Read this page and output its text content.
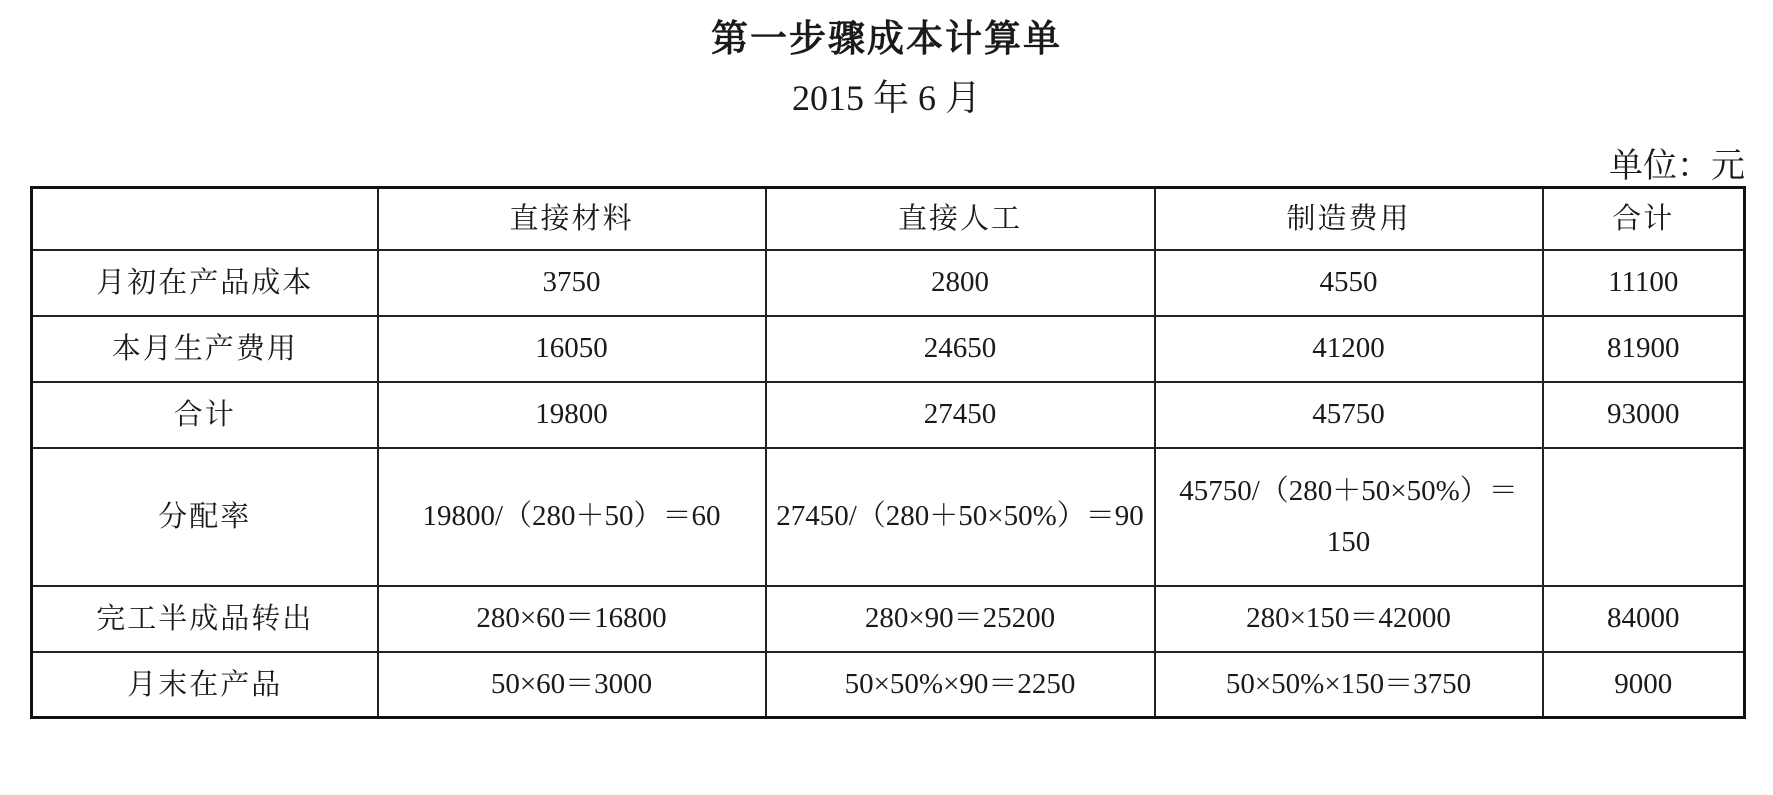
第一步骤成本计算单
2015 年 6 月
单位：元
	直接材料	直接人工	制造费用	合计
月初在产品成本	3750	2800	4550	11100
本月生产费用	16050	24650	41200	81900
合计	19800	27450	45750	93000
分配率	19800/（280＋50）＝60	27450/（280＋50×50%）＝90	45750/（280＋50×50%）＝150	
完工半成品转出	280×60＝16800	280×90＝25200	280×150＝42000	84000
月末在产品	50×60＝3000	50×50%×90＝2250	50×50%×150＝3750	9000
